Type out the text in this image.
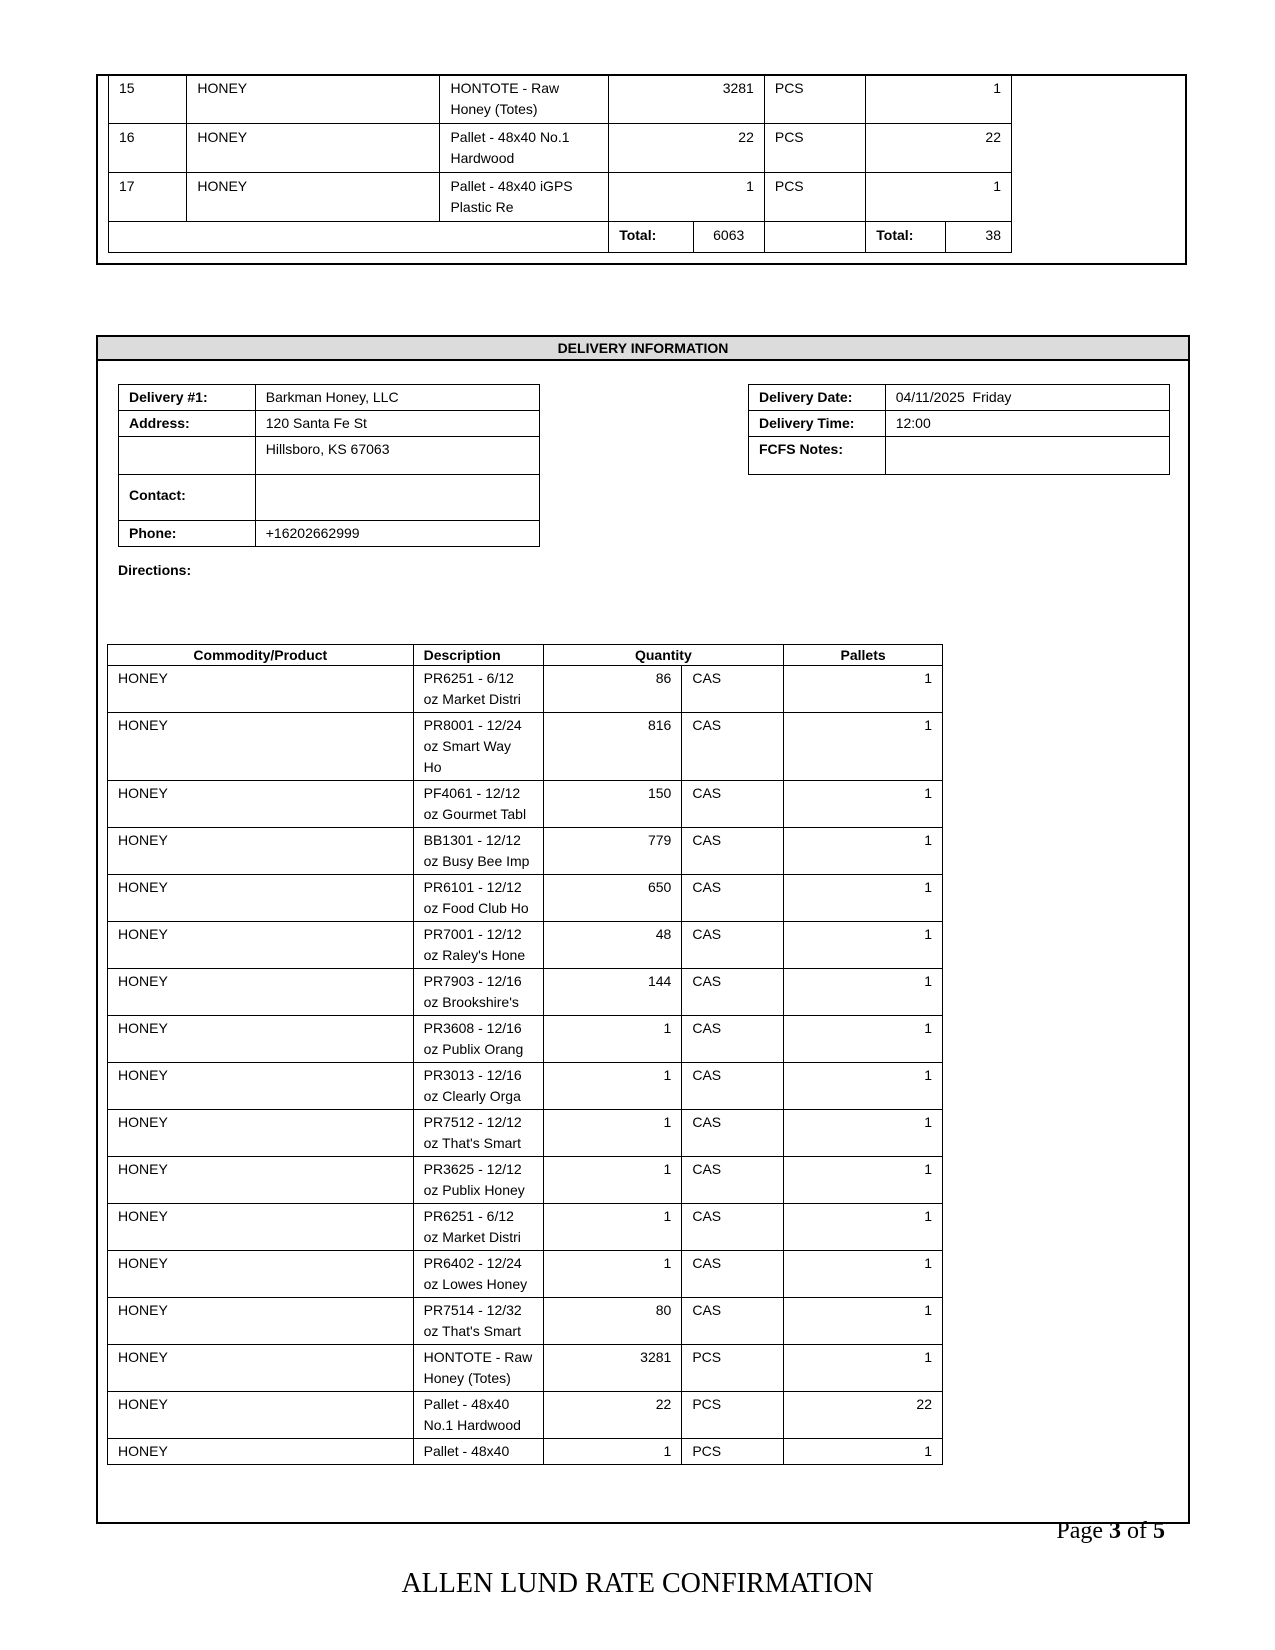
15	HONEY	HONTOTE - Raw Honey (Totes)	3281		PCS	1	
16	HONEY	Pallet - 48x40 No.1 Hardwood	22		PCS	22	
17	HONEY	Pallet - 48x40 iGPS Plastic Re	1		PCS	1	
			Total:	6063		Total:	38
DELIVERY INFORMATION
Delivery #1:	Barkman Honey, LLC
Address:	120 Santa Fe St
	Hillsboro, KS 67063
Contact:	
Phone:	+16202662999
Delivery Date:	04/11/2025  Friday
Delivery Time:	12:00
FCFS Notes:	
Directions:
Commodity/Product	Description	Quantity		Pallets
HONEY	PR6251 - 6/12 oz Market Distri	86	CAS	1
HONEY	PR8001 - 12/24 oz Smart Way Ho	816	CAS	1
HONEY	PF4061 - 12/12 oz Gourmet Tabl	150	CAS	1
HONEY	BB1301 - 12/12 oz Busy Bee Imp	779	CAS	1
HONEY	PR6101 - 12/12 oz Food Club Ho	650	CAS	1
HONEY	PR7001 - 12/12 oz Raley's Hone	48	CAS	1
HONEY	PR7903 - 12/16 oz Brookshire's	144	CAS	1
HONEY	PR3608 - 12/16 oz Publix Orang	1	CAS	1
HONEY	PR3013 - 12/16 oz Clearly Orga	1	CAS	1
HONEY	PR7512 - 12/12 oz That's Smart	1	CAS	1
HONEY	PR3625 - 12/12 oz Publix Honey	1	CAS	1
HONEY	PR6251 - 6/12 oz Market Distri	1	CAS	1
HONEY	PR6402 - 12/24 oz Lowes Honey	1	CAS	1
HONEY	PR7514 - 12/32 oz That's Smart	80	CAS	1
HONEY	HONTOTE - Raw Honey (Totes)	3281	PCS	1
HONEY	Pallet - 48x40 No.1 Hardwood	22	PCS	22
HONEY	Pallet - 48x40	1	PCS	1
Page 3 of 5
ALLEN LUND RATE CONFIRMATION
